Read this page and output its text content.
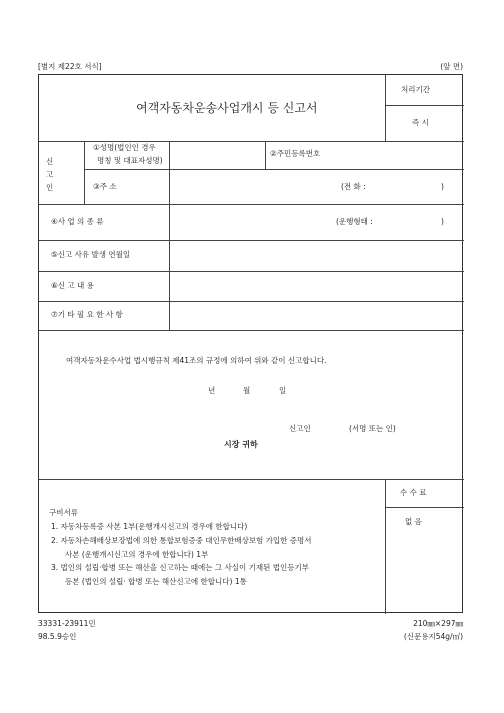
[별지 제22호 서식]	(앞 면)
여객자동차운송사업개시 등 신고서
처리기간
즉 시
신고인
①성명(법인인 경우
명칭 및 대표자성명)
②주민등록번호
③주 소	(전 화 :	)
④사 업 의 종 류	(운행형태 :	)
⑤신고 사유 발생 연월일
⑥신 고 내 용
⑦기 타 필 요 한 사 항
여객자동차운수사업 법시행규칙 제41조의 규정에 의하여 위와 같이 신고합니다.
년	월	일
신고인	(서명 또는 인)
시장 귀하
구비서류
1. 자동차등록증 사본 1부(운행개시신고의 경우에 한합니다)
2. 자동차손해배상보장법에 의한 통합보험증중 대인무한배상보험 가입한 증명서
사본 (운행개시신고의 경우에 한합니다) 1부
3. 법인의 설립·합병 또는 해산을 신고하는 때에는 그 사실이 기재된 법인등기부
등본 (법인의 설립· 합병 또는 해산신고에 한합니다) 1통
수 수 료
없 음
33331-23911민
98.5.9승인
210㎜×297㎜
(신문용지54g/㎡)
